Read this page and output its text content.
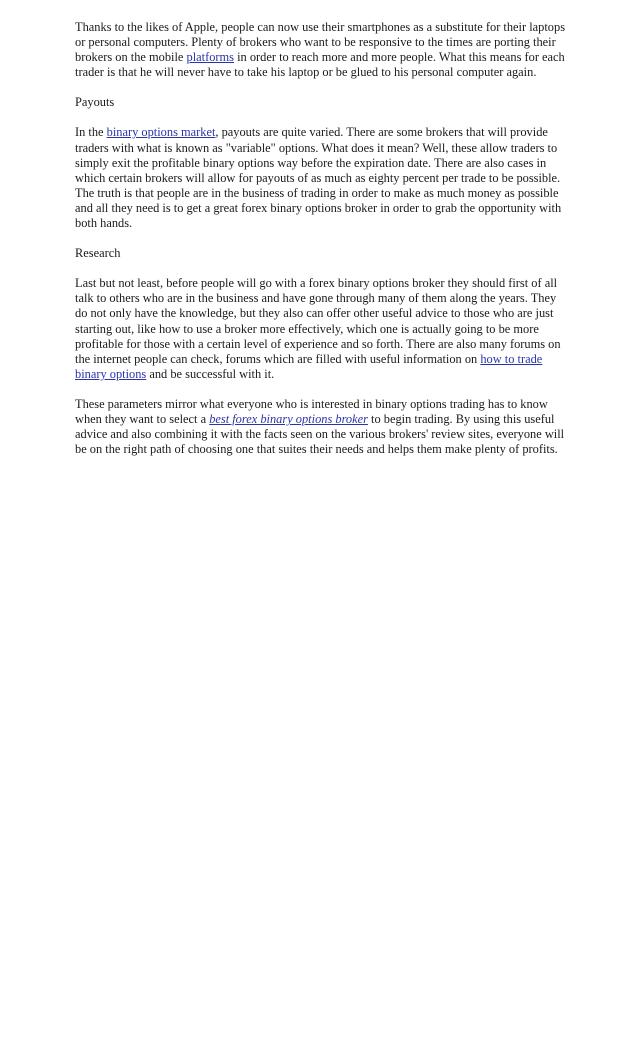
Thanks to the likes of Apple, people can now use their smartphones as a substitute for their laptops or personal computers. Plenty of brokers who want to be responsive to the times are porting their brokers on the mobile platforms in order to reach more and more people. What this means for each trader is that he will never have to take his laptop or be glued to his personal computer again.

Payouts

In the binary options market, payouts are quite varied. There are some brokers that will provide traders with what is known as "variable" options. What does it mean? Well, these allow traders to simply exit the profitable binary options way before the expiration date. There are also cases in which certain brokers will allow for payouts of as much as eighty percent per trade to be possible. The truth is that people are in the business of trading in order to make as much money as possible and all they need is to get a great forex binary options broker in order to grab the opportunity with both hands.

Research

Last but not least, before people will go with a forex binary options broker they should first of all talk to others who are in the business and have gone through many of them along the years. They do not only have the knowledge, but they also can offer other useful advice to those who are just starting out, like how to use a broker more effectively, which one is actually going to be more profitable for those with a certain level of experience and so forth. There are also many forums on the internet people can check, forums which are filled with useful information on how to trade binary options and be successful with it.

These parameters mirror what everyone who is interested in binary options trading has to know when they want to select a best forex binary options broker to begin trading. By using this useful advice and also combining it with the facts seen on the various brokers' review sites, everyone will be on the right path of choosing one that suites their needs and helps them make plenty of profits.
